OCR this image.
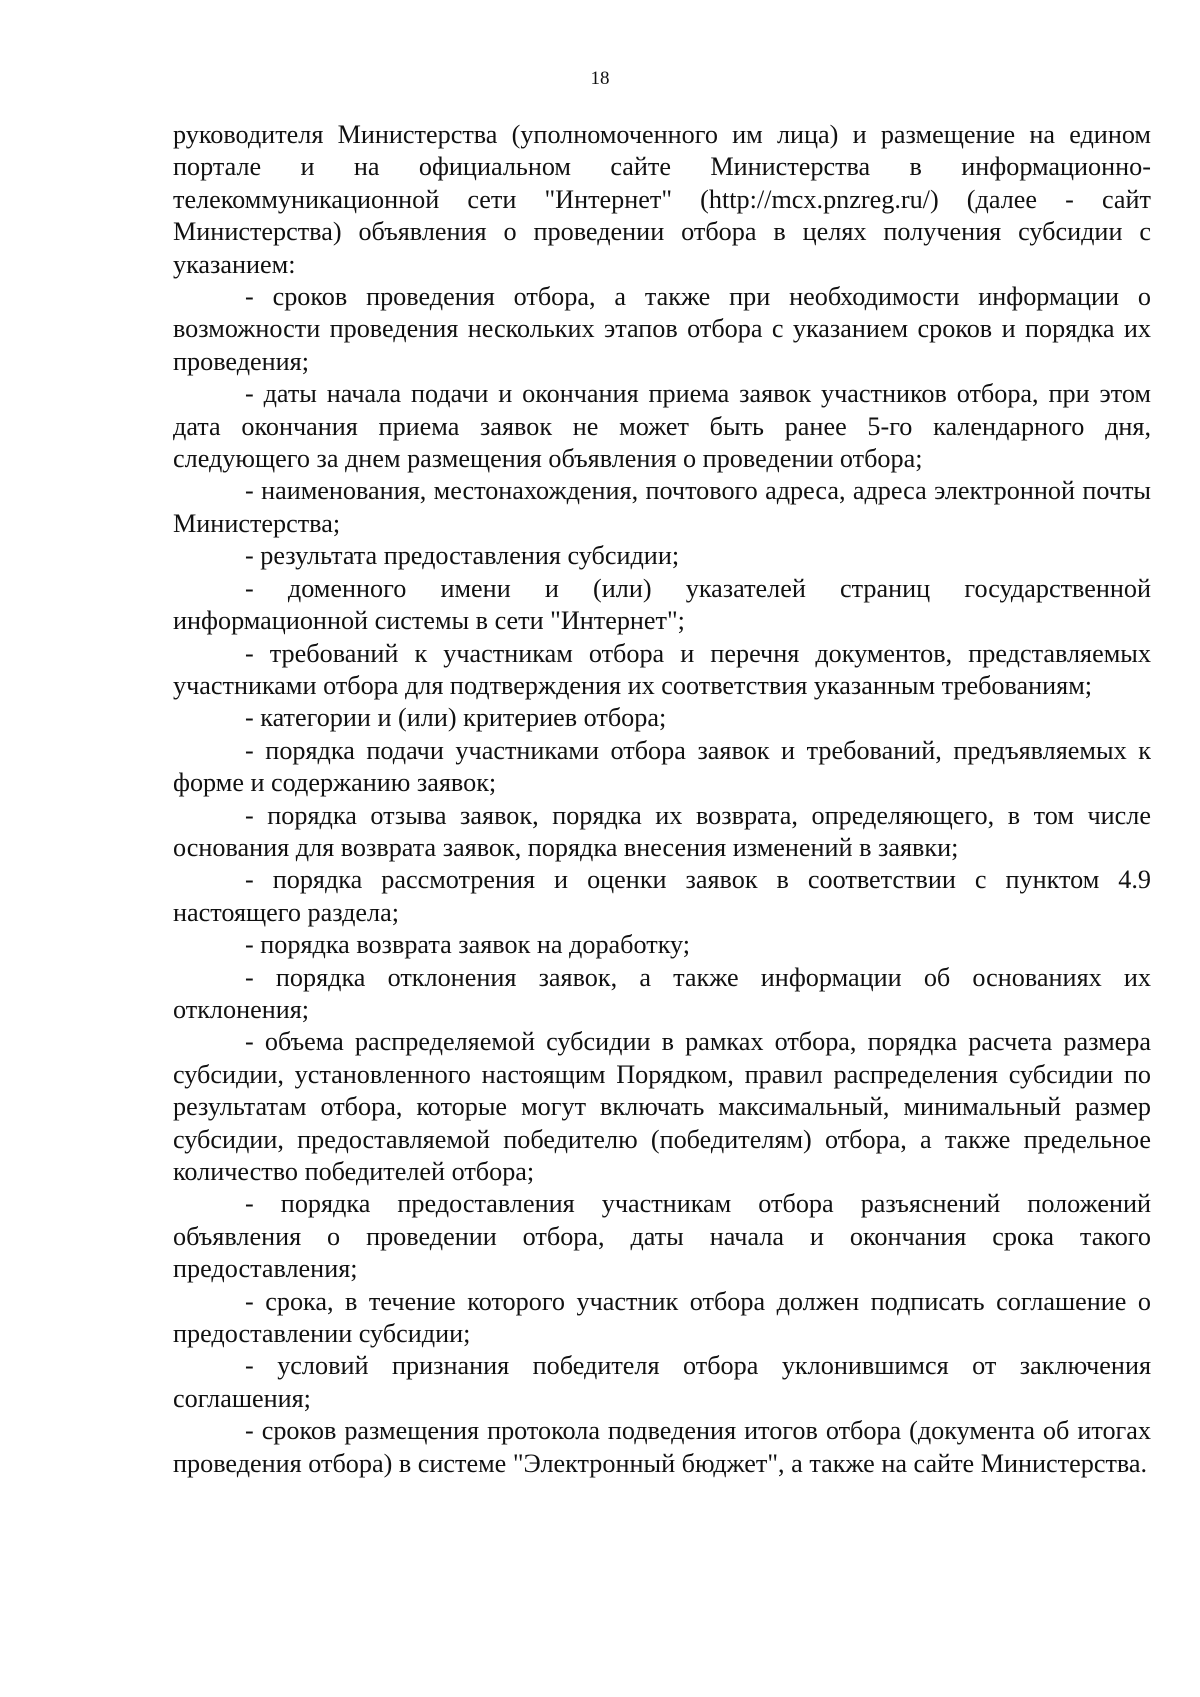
18

руководителя Министерства (уполномоченного им лица) и размещение на едином портале и на официальном сайте Министерства в информационно-телекоммуникационной сети "Интернет" (http://mcx.pnzreg.ru/) (далее - сайт Министерства) объявления о проведении отбора в целях получения субсидии с указанием:

- сроков проведения отбора, а также при необходимости информации о возможности проведения нескольких этапов отбора с указанием сроков и порядка их проведения;

- даты начала подачи и окончания приема заявок участников отбора, при этом дата окончания приема заявок не может быть ранее 5-го календарного дня, следующего за днем размещения объявления о проведении отбора;

- наименования, местонахождения, почтового адреса, адреса электронной почты Министерства;

- результата предоставления субсидии;

- доменного имени и (или) указателей страниц государственной информационной системы в сети "Интернет";

- требований к участникам отбора и перечня документов, представляемых участниками отбора для подтверждения их соответствия указанным требованиям;

- категории и (или) критериев отбора;

- порядка подачи участниками отбора заявок и требований, предъявляемых к форме и содержанию заявок;

- порядка отзыва заявок, порядка их возврата, определяющего, в том числе основания для возврата заявок, порядка внесения изменений в заявки;

- порядка рассмотрения и оценки заявок в соответствии с пунктом 4.9 настоящего раздела;

- порядка возврата заявок на доработку;

- порядка отклонения заявок, а также информации об основаниях их отклонения;

- объема распределяемой субсидии в рамках отбора, порядка расчета размера субсидии, установленного настоящим Порядком, правил распределения субсидии по результатам отбора, которые могут включать максимальный, минимальный размер субсидии, предоставляемой победителю (победителям) отбора, а также предельное количество победителей отбора;

- порядка предоставления участникам отбора разъяснений положений объявления о проведении отбора, даты начала и окончания срока такого предоставления;

- срока, в течение которого участник отбора должен подписать соглашение о предоставлении субсидии;

- условий признания победителя отбора уклонившимся от заключения соглашения;

- сроков размещения протокола подведения итогов отбора (документа об итогах проведения отбора) в системе "Электронный бюджет", а также на сайте Министерства.
